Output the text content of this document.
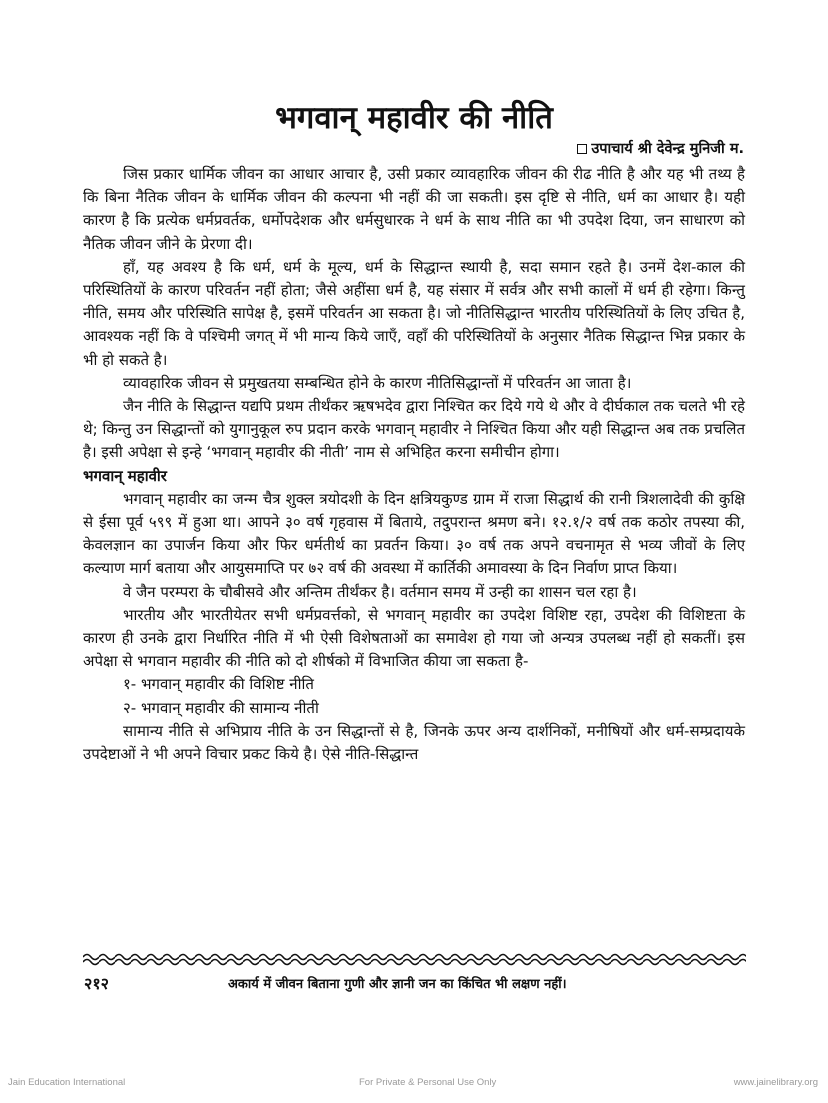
भगवान् महावीर की नीति
उपाचार्य श्री देवेन्द्र मुनिजी म.

जिस प्रकार धार्मिक जीवन का आधार आचार है, उसी प्रकार व्यावहारिक जीवन की रीढ नीति है और यह भी तथ्य है कि बिना नैतिक जीवन के धार्मिक जीवन की कल्पना भी नहीं की जा सकती। इस दृष्टि से नीति, धर्म का आधार है। यही कारण है कि प्रत्येक धर्मप्रवर्तक, धर्मोपदेशक और धर्मसुधारक ने धर्म के साथ नीति का भी उपदेश दिया, जन साधारण को नैतिक जीवन जीने के प्रेरणा दी।

हाँ, यह अवश्य है कि धर्म, धर्म के मूल्य, धर्म के सिद्धान्त स्थायी है, सदा समान रहते है। उनमें देश-काल की परिस्थितियों के कारण परिवर्तन नहीं होता; जैसे अहींसा धर्म है, यह संसार में सर्वत्र और सभी कालों में धर्म ही रहेगा। किन्तु नीति, समय और परिस्थिति सापेक्ष है, इसमें परिवर्तन आ सकता है। जो नीतिसिद्धान्त भारतीय परिस्थितियों के लिए उचित है, आवश्यक नहीं कि वे पश्चिमी जगत् में भी मान्य किये जाएँ, वहाँ की परिस्थितियों के अनुसार नैतिक सिद्धान्त भिन्न प्रकार के भी हो सकते है।

व्यावहारिक जीवन से प्रमुखतया सम्बन्धित होने के कारण नीतिसिद्धान्तों में परिवर्तन आ जाता है।

जैन नीति के सिद्धान्त यद्यपि प्रथम तीर्थंकर ऋषभदेव द्वारा निश्चित कर दिये गये थे और वे दीर्घकाल तक चलते भी रहे थे; किन्तु उन सिद्धान्तों को युगानुकूल रुप प्रदान करके भगवान् महावीर ने निश्चित किया और यही सिद्धान्त अब तक प्रचलित है। इसी अपेक्षा से इन्हे ‘भगवान् महावीर की नीती’ नाम से अभिहित करना समीचीन होगा।

भगवान् महावीर

भगवान् महावीर का जन्म चैत्र शुक्ल त्रयोदशी के दिन क्षत्रियकुण्ड ग्राम में राजा सिद्धार्थ की रानी त्रिशलादेवी की कुक्षि से ईसा पूर्व ५९९ में हुआ था। आपने ३० वर्ष गृहवास में बिताये, तदुपरान्त श्रमण बने। १२.१/२ वर्ष तक कठोर तपस्या की, केवलज्ञान का उपार्जन किया और फिर धर्मतीर्थ का प्रवर्तन किया। ३० वर्ष तक अपने वचनामृत से भव्य जीवों के लिए कल्याण मार्ग बताया और आयुसमाप्ति पर ७२ वर्ष की अवस्था में कार्तिकी अमावस्या के दिन निर्वाण प्राप्त किया।

वे जैन परम्परा के चौबीसवे और अन्तिम तीर्थंकर है। वर्तमान समय में उन्ही का शासन चल रहा है।

भारतीय और भारतीयेतर सभी धर्मप्रवर्त्तको, से भगवान् महावीर का उपदेश विशिष्ट रहा, उपदेश की विशिष्टता के कारण ही उनके द्वारा निर्धारित नीति में भी ऐसी विशेषताओं का समावेश हो गया जो अन्यत्र उपलब्ध नहीं हो सकतीं। इस अपेक्षा से भगवान महावीर की नीति को दो शीर्षको में विभाजित कीया जा सकता है-

१- भगवान् महावीर की विशिष्ट नीति
२- भगवान् महावीर की सामान्य नीती

सामान्य नीति से अभिप्राय नीति के उन सिद्धान्तों से है, जिनके ऊपर अन्य दार्शनिकों, मनीषियों और धर्म-सम्प्रदायके उपदेष्टाओं ने भी अपने विचार प्रकट किये है। ऐसे नीति-सिद्धान्त

२१२	अकार्य में जीवन बिताना गुणी और ज्ञानी जन का किंचित भी लक्षण नहीं।
Jain Education International	For Private & Personal Use Only	www.jainelibrary.org
